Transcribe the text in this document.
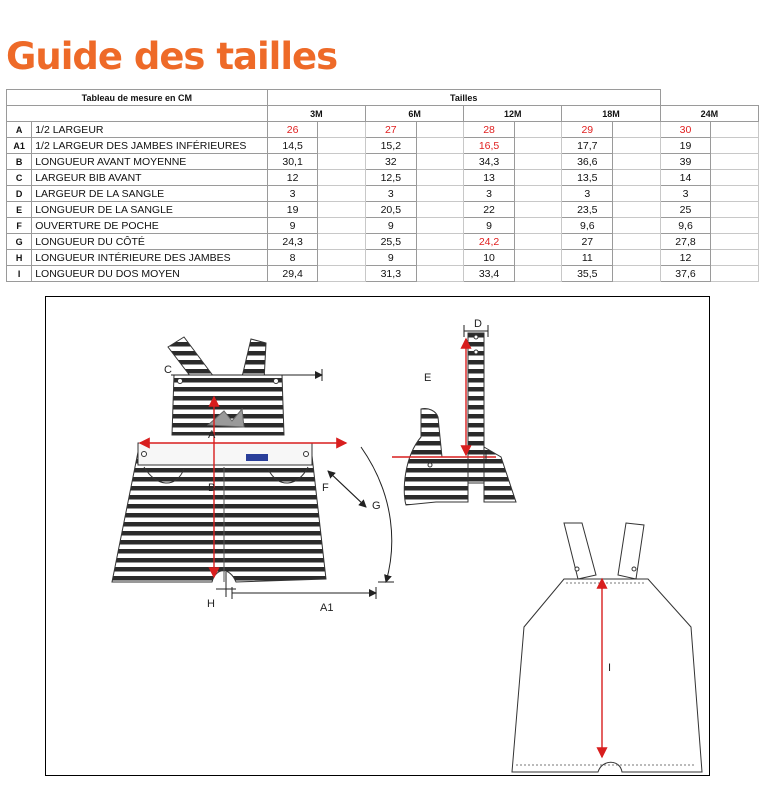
Guide des tailles
Tableau de mesure en CM		Tailles									
		3M		6M		12M		18M		24M	
A	1/2 LARGEUR	26		27		28		29		30	
A1	1/2 LARGEUR DES JAMBES INFÉRIEURES	14,5		15,2		16,5		17,7		19	
B	LONGUEUR AVANT MOYENNE	30,1		32		34,3		36,6		39	
C	LARGEUR BIB AVANT	12		12,5		13		13,5		14	
D	LARGEUR DE LA SANGLE	3		3		3		3		3	
E	LONGUEUR DE LA SANGLE	19		20,5		22		23,5		25	
F	OUVERTURE DE POCHE	9		9		9		9,6		9,6	
G	LONGUEUR DU CÔTÉ	24,3		25,5		24,2		27		27,8	
H	LONGUEUR INTÉRIEURE DES JAMBES	8		9		10		11		12	
I	LONGUEUR DU DOS MOYEN	29,4		31,3		33,4		35,5		37,6	
A
B
C
F
G
H	A1
D
E
I
